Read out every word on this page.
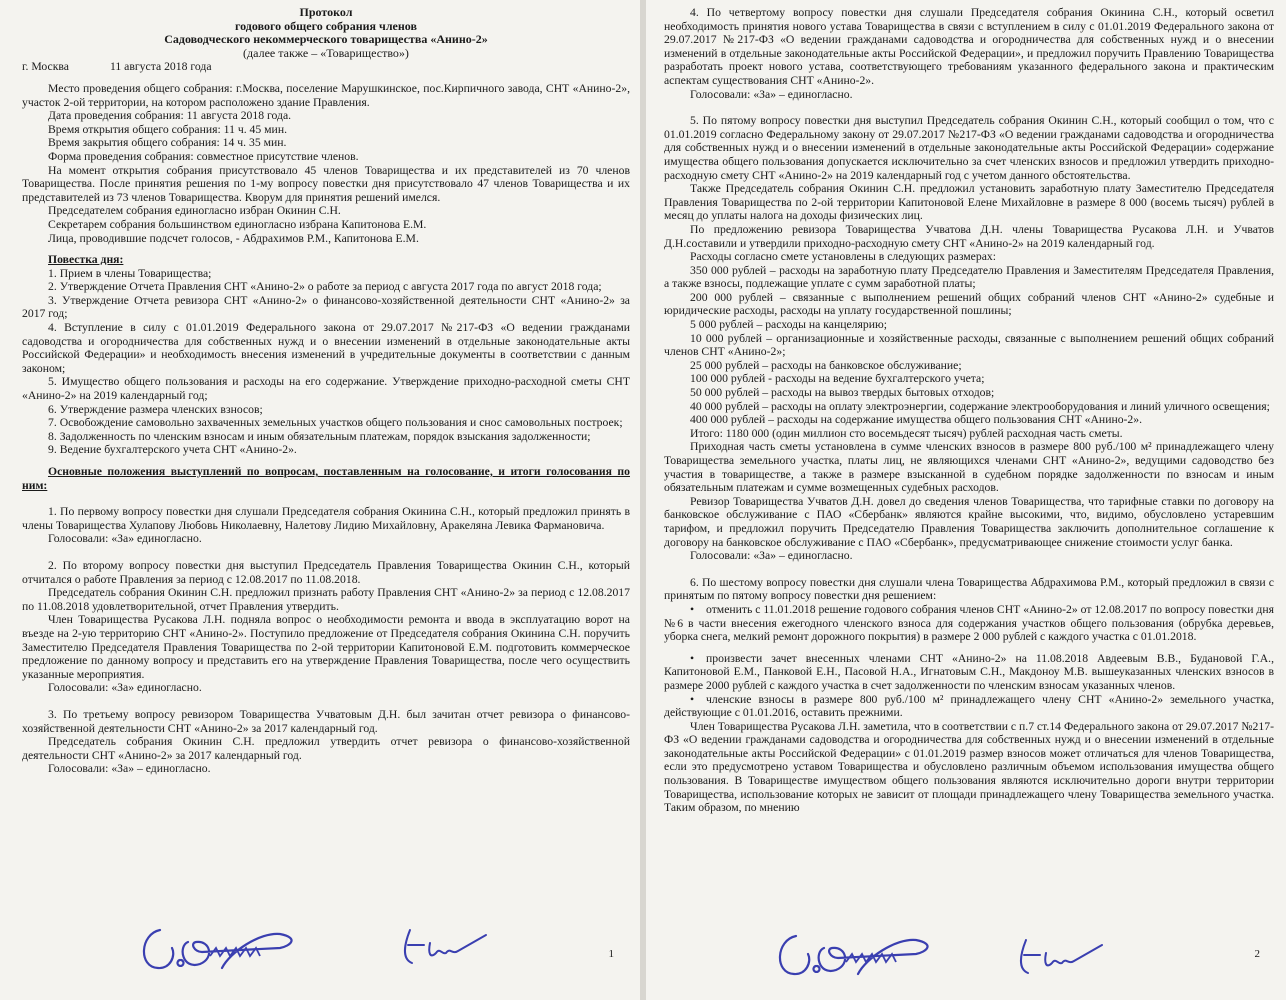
Протокол

годового общего собрания членов

Садоводческого некоммерческого товарищества «Анино-2»

(далее также – «Товарищество»)

г. Москва	11 августа 2018 года

Место проведения общего собрания: г.Москва, поселение Марушкинское, пос.Кирпичного завода, СНТ «Анино-2», участок 2-ой территории, на котором расположено здание Правления.

Дата проведения собрания: 11 августа 2018 года.

Время открытия общего собрания: 11 ч. 45 мин.

Время закрытия общего собрания: 14 ч. 35 мин.

Форма проведения собрания: совместное присутствие членов.

На момент открытия собрания присутствовало 45 членов Товарищества и их представителей из 70 членов Товарищества. После принятия решения по 1-му вопросу повестки дня присутствовало 47 членов Товарищества и их представителей из 73 членов Товарищества. Кворум для принятия решений имелся.

Председателем собрания единогласно избран Окинин С.Н.

Секретарем собрания большинством единогласно избрана Капитонова Е.М.

Лица, проводившие подсчет голосов, - Абдрахимов Р.М., Капитонова Е.М.

Повестка дня:

1. Прием в члены Товарищества;

2. Утверждение Отчета Правления СНТ «Анино-2» о работе за период с августа 2017 года по август 2018 года;

3. Утверждение Отчета ревизора СНТ «Анино-2» о финансово-хозяйственной деятельности СНТ «Анино-2» за 2017 год;

4. Вступление в силу с 01.01.2019 Федерального закона от 29.07.2017 №217-ФЗ «О ведении гражданами садоводства и огородничества для собственных нужд и о внесении изменений в отдельные законодательные акты Российской Федерации» и необходимость внесения изменений в учредительные документы в соответствии с данным законом;

5. Имущество общего пользования и расходы на его содержание. Утверждение приходно-расходной сметы СНТ «Анино-2» на 2019 календарный год;

6. Утверждение размера членских взносов;

7. Освобождение самовольно захваченных земельных участков общего пользования и снос самовольных построек;

8. Задолженность по членским взносам и иным обязательным платежам, порядок взыскания задолженности;

9. Ведение бухгалтерского учета СНТ «Анино-2».

Основные положения выступлений по вопросам, поставленным на голосование, и итоги голосования по ним:

1. По первому вопросу повестки дня слушали Председателя собрания Окинина С.Н., который предложил принять в члены Товарищества Хулапову Любовь Николаевну, Налетову Лидию Михайловну, Аракеляна Левика Фармановича.

Голосовали: «За» единогласно.

2. По второму вопросу повестки дня выступил Председатель Правления Товарищества Окинин С.Н., который отчитался о работе Правления за период с 12.08.2017 по 11.08.2018.

Председатель собрания Окинин С.Н. предложил признать работу Правления СНТ «Анино-2» за период с 12.08.2017 по 11.08.2018 удовлетворительной, отчет Правления утвердить.

Член Товарищества Русакова Л.Н. подняла вопрос о необходимости ремонта и ввода в эксплуатацию ворот на въезде на 2-ую территорию СНТ «Анино-2». Поступило предложение от Председателя собрания Окинина С.Н. поручить Заместителю Председателя Правления Товарищества по 2-ой территории Капитоновой Е.М. подготовить коммерческое предложение по данному вопросу и представить его на утверждение Правления Товарищества, после чего осуществить указанные мероприятия.

Голосовали: «За» единогласно.

3. По третьему вопросу ревизором Товарищества Учватовым Д.Н. был зачитан отчет ревизора о финансово-хозяйственной деятельности СНТ «Анино-2» за 2017 календарный год.

Председатель собрания Окинин С.Н. предложил утвердить отчет ревизора о финансово-хозяйственной деятельности СНТ «Анино-2» за 2017 календарный год.

Голосовали: «За» – единогласно.

1

4. По четвертому вопросу повестки дня слушали Председателя собрания Окинина С.Н., который осветил необходимость принятия нового устава Товарищества в связи с вступлением в силу с 01.01.2019 Федерального закона от 29.07.2017 №217-ФЗ «О ведении гражданами садоводства и огородничества для собственных нужд и о внесении изменений в отдельные законодательные акты Российской Федерации», и предложил поручить Правлению Товарищества разработать проект нового устава, соответствующего требованиям указанного федерального закона и практическим аспектам существования СНТ «Анино-2».

Голосовали: «За» – единогласно.

5. По пятому вопросу повестки дня выступил Председатель собрания Окинин С.Н., который сообщил о том, что с 01.01.2019 согласно Федеральному закону от 29.07.2017 №217-ФЗ «О ведении гражданами садоводства и огородничества для собственных нужд и о внесении изменений в отдельные законодательные акты Российской Федерации» содержание имущества общего пользования допускается исключительно за счет членских взносов и предложил утвердить приходно-расходную смету СНТ «Анино-2» на 2019 календарный год с учетом данного обстоятельства.

Также Председатель собрания Окинин С.Н. предложил установить заработную плату Заместителю Председателя Правления Товарищества по 2-ой территории Капитоновой Елене Михайловне в размере 8 000 (восемь тысяч) рублей в месяц до уплаты налога на доходы физических лиц.

По предложению ревизора Товарищества Учватова Д.Н. члены Товарищества Русакова Л.Н. и Учватов Д.Н.составили и утвердили приходно-расходную смету СНТ «Анино-2» на 2019 календарный год.

Расходы согласно смете установлены в следующих размерах:

350 000 рублей – расходы на заработную плату Председателю Правления и Заместителям Председателя Правления, а также взносы, подлежащие уплате с сумм заработной платы;

200 000 рублей – связанные с выполнением решений общих собраний членов СНТ «Анино-2» судебные и юридические расходы, расходы на уплату государственной пошлины;

5 000 рублей – расходы на канцелярию;

10 000 рублей – организационные и хозяйственные расходы, связанные с выполнением решений общих собраний членов СНТ «Анино-2»;

25 000 рублей – расходы на банковское обслуживание;

100 000 рублей - расходы на ведение бухгалтерского учета;

50 000 рублей – расходы на вывоз твердых бытовых отходов;

40 000 рублей – расходы на оплату электроэнергии, содержание электрооборудования и линий уличного освещения;

400 000 рублей – расходы на содержание имущества общего пользования СНТ «Анино-2».

Итого: 1180 000 (один миллион сто восемьдесят тысяч) рублей расходная часть сметы.

Приходная часть сметы установлена в сумме членских взносов в размере 800 руб./100 м² принадлежащего члену Товарищества земельного участка, платы лиц, не являющихся членами СНТ «Анино-2», ведущими садоводство без участия в товариществе, а также в размере взысканной в судебном порядке задолженности по взносам и иным обязательным платежам и сумме возмещенных судебных расходов.

Ревизор Товарищества Учватов Д.Н. довел до сведения членов Товарищества, что тарифные ставки по договору на банковское обслуживание с ПАО «Сбербанк» являются крайне высокими, что, видимо, обусловлено устаревшим тарифом, и предложил поручить Председателю Правления Товарищества заключить дополнительное соглашение к договору на банковское обслуживание с ПАО «Сбербанк», предусматривающее снижение стоимости услуг банка.

Голосовали: «За» – единогласно.

6. По шестому вопросу повестки дня слушали члена Товарищества Абдрахимова Р.М., который предложил в связи с принятым по пятому вопросу повестки дня решением:

• отменить с 11.01.2018 решение годового собрания членов СНТ «Анино-2» от 12.08.2017 по вопросу повестки дня №6 в части внесения ежегодного членского взноса для содержания участков общего пользования (обрубка деревьев, уборка снега, мелкий ремонт дорожного покрытия) в размере 2 000 рублей с каждого участка с 01.01.2018.

• произвести зачет внесенных членами СНТ «Анино-2» на 11.08.2018 Авдеевым В.В., Будановой Г.А., Капитоновой Е.М., Панковой Е.Н., Пасовой Н.А., Игнатовым С.Н., Макдоноу М.В. вышеуказанных членских взносов в размере 2000 рублей с каждого участка в счет задолженности по членским взносам указанных членов.

• членские взносы в размере 800 руб./100 м² принадлежащего члену СНТ «Анино-2» земельного участка, действующие с 01.01.2016, оставить прежними.

Член Товарищества Русакова Л.Н. заметила, что в соответствии с п.7 ст.14 Федерального закона от 29.07.2017 №217-ФЗ «О ведении гражданами садоводства и огородничества для собственных нужд и о внесении изменений в отдельные законодательные акты Российской Федерации» с 01.01.2019 размер взносов может отличаться для членов Товарищества, если это предусмотрено уставом Товарищества и обусловлено различным объемом использования имущества общего пользования. В Товариществе имуществом общего пользования являются исключительно дороги внутри территории Товарищества, использование которых не зависит от площади принадлежащего члену Товарищества земельного участка. Таким образом, по мнению

2
